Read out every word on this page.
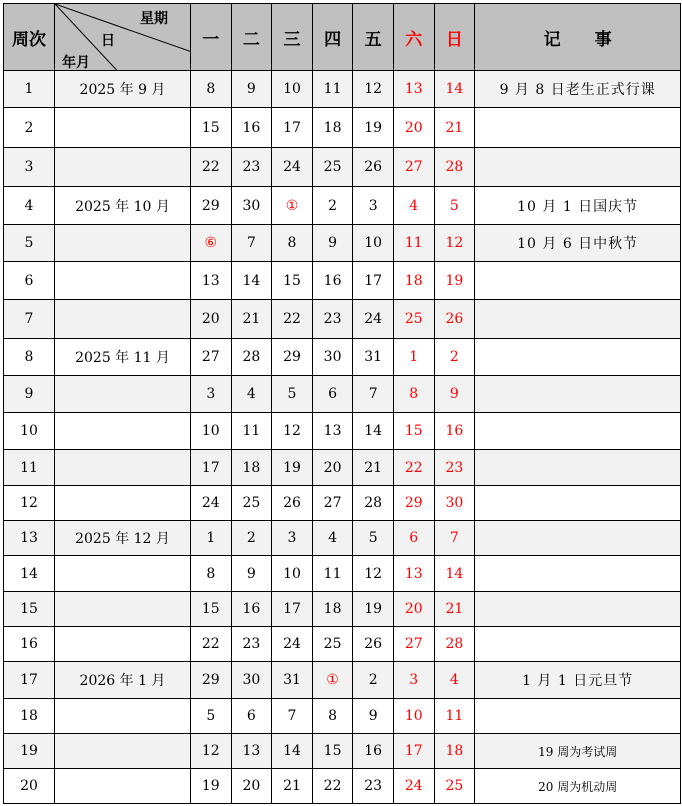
周次	星期
日
年月	一	二	三	四	五	六	日	记　　事
1	2025 年 9 月	8	9	10	11	12	13	14	9 月 8 日老生正式行课
2		15	16	17	18	19	20	21	
3		22	23	24	25	26	27	28	
4	2025 年 10 月	29	30	①	2	3	4	5	10 月 1 日国庆节
5		⑥	7	8	9	10	11	12	10 月 6 日中秋节
6		13	14	15	16	17	18	19	
7		20	21	22	23	24	25	26	
8	2025 年 11 月	27	28	29	30	31	1	2	
9		3	4	5	6	7	8	9	
10		10	11	12	13	14	15	16	
11		17	18	19	20	21	22	23	
12		24	25	26	27	28	29	30	
13	2025 年 12 月	1	2	3	4	5	6	7	
14		8	9	10	11	12	13	14	
15		15	16	17	18	19	20	21	
16		22	23	24	25	26	27	28	
17	2026 年 1 月	29	30	31	①	2	3	4	1 月 1 日元旦节
18		5	6	7	8	9	10	11	
19		12	13	14	15	16	17	18	19 周为考试周
20		19	20	21	22	23	24	25	20 周为机动周
